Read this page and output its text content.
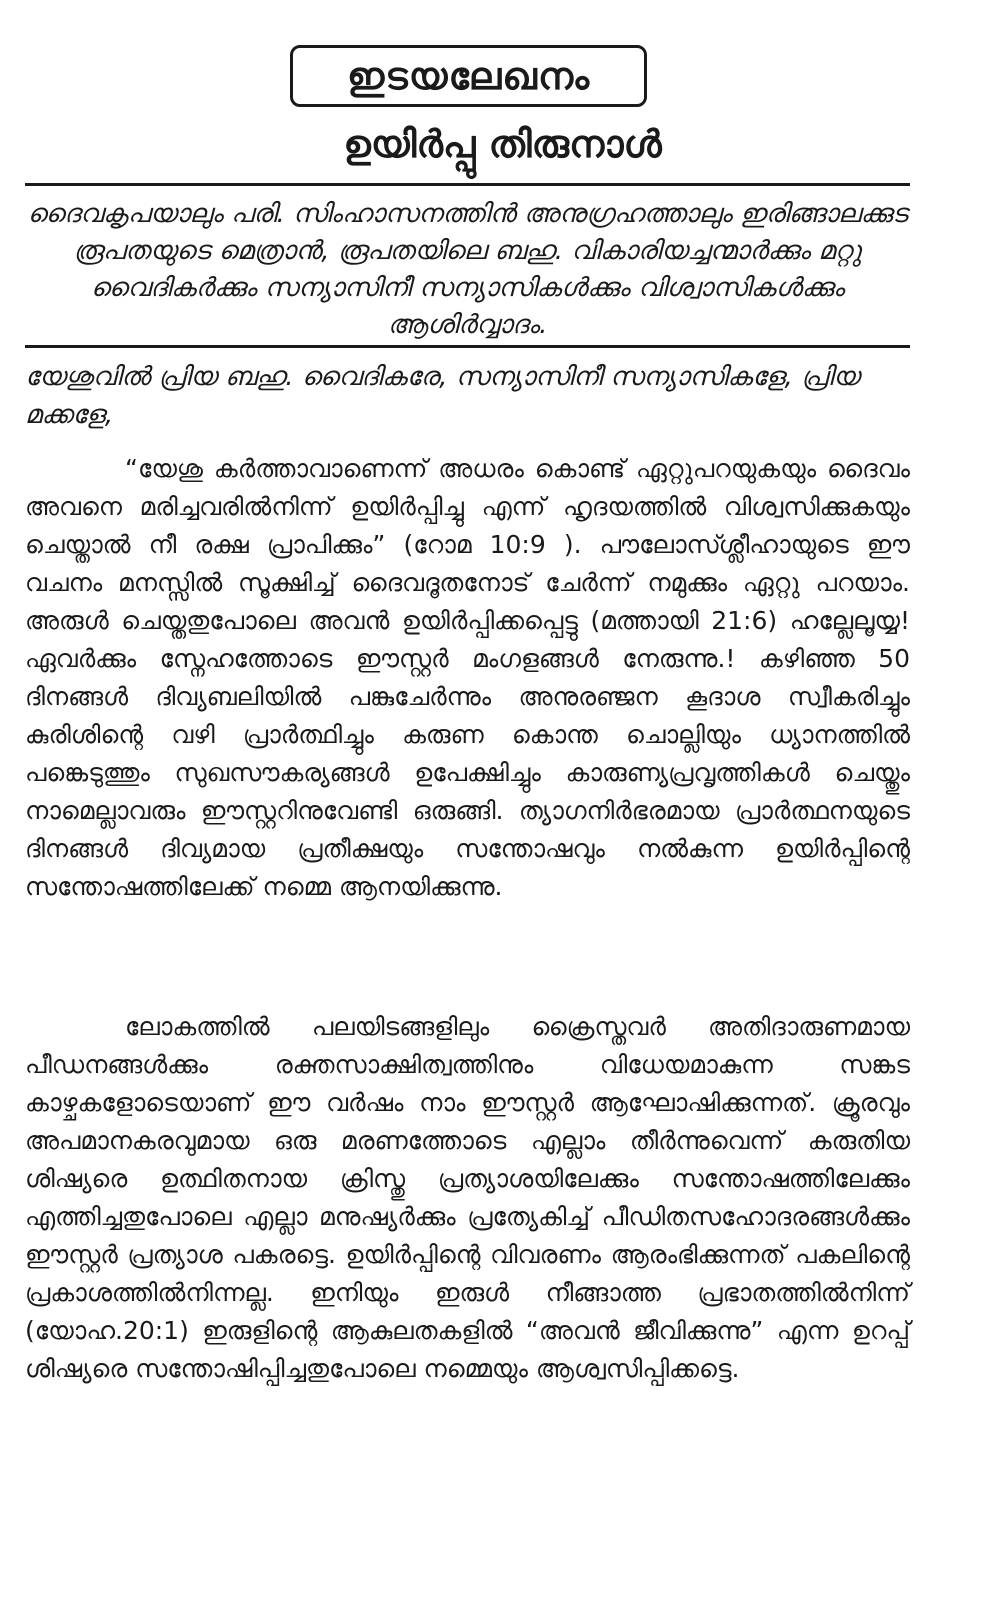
ഇടയലേഖനം
ഉയിർപ്പു തിരുനാൾ
ദൈവകൃപയാലും പരി. സിംഹാസനത്തിൻ അനുഗ്രഹത്താലും ഇരിങ്ങാലക്കുട രൂപതയുടെ മെത്രാൻ, രൂപതയിലെ ബഹു. വികാരിയച്ചന്മാർക്കും മറ്റു വൈദികർക്കും സന്യാസിനീ സന്യാസികൾക്കും വിശ്വാസികൾക്കും ആശിർവ്വാദം.
യേശുവിൽ പ്രിയ ബഹു. വൈദികരേ, സന്യാസിനീ സന്യാസികളേ, പ്രിയ മക്കളേ,
“യേശു കർത്താവാണെന്ന് അധരം കൊണ്ട് ഏറ്റുപറയുകയും ദൈവം അവനെ മരിച്ചവരിൽനിന്ന് ഉയിർപ്പിച്ചു എന്ന് ഹൃദയത്തിൽ വിശ്വസിക്കുകയും ചെയ്താൽ നീ രക്ഷ പ്രാപിക്കും” (റോമ 10:9 ). പൗലോസ്ശ്ലീഹായുടെ ഈ വചനം മനസ്സിൽ സൂക്ഷിച്ച് ദൈവദൂതനോട് ചേർന്ന് നമുക്കും ഏറ്റു പറയാം. അരുൾ ചെയ്തതുപോലെ അവൻ ഉയിർപ്പിക്കപ്പെട്ടു (മത്തായി 21:6) ഹല്ലേലൂയ്യ! ഏവർക്കും സ്നേഹത്തോടെ ഈസ്റ്റർ മംഗളങ്ങൾ നേരുന്നു.! കഴിഞ്ഞ 50 ദിനങ്ങൾ ദിവ്യബലിയിൽ പങ്കുചേർന്നും അനുരഞ്ജന കൂദാശ സ്വീകരിച്ചും കുരിശിന്റെ വഴി പ്രാർത്ഥിച്ചും കരുണ കൊന്ത ചൊല്ലിയും ധ്യാനത്തിൽ പങ്കെടുത്തും സുഖസൗകര്യങ്ങൾ ഉപേക്ഷിച്ചും കാരുണ്യപ്രവൃത്തികൾ ചെയ്തും നാമെല്ലാവരും ഈസ്റ്ററിനുവേണ്ടി ഒരുങ്ങി. ത്യാഗനിർഭരമായ പ്രാർത്ഥനയുടെ ദിനങ്ങൾ ദിവ്യമായ പ്രതീക്ഷയും സന്തോഷവും നൽകുന്ന ഉയിർപ്പിന്റെ സന്തോഷത്തിലേക്ക് നമ്മെ ആനയിക്കുന്നു.
ലോകത്തിൽ പലയിടങ്ങളിലും ക്രൈസ്തവർ അതിദാരുണമായ പീഡനങ്ങൾക്കും രക്തസാക്ഷിത്വത്തിനും വിധേയമാകുന്ന സങ്കട കാഴ്ചകളോടെയാണ് ഈ വർഷം നാം ഈസ്റ്റർ ആഘോഷിക്കുന്നത്. ക്രൂരവും അപമാനകരവുമായ ഒരു മരണത്തോടെ എല്ലാം തീർന്നുവെന്ന് കരുതിയ ശിഷ്യരെ ഉത്ഥിതനായ ക്രിസ്തു പ്രത്യാശയിലേക്കും സന്തോഷത്തിലേക്കും എത്തിച്ചതുപോലെ എല്ലാ മനുഷ്യർക്കും പ്രത്യേകിച്ച് പീഡിതസഹോദരങ്ങൾക്കും ഈസ്റ്റർ പ്രത്യാശ പകരട്ടെ. ഉയിർപ്പിന്റെ വിവരണം ആരംഭിക്കുന്നത് പകലിന്റെ പ്രകാശത്തിൽനിന്നല്ല. ഇനിയും ഇരുൾ നീങ്ങാത്ത പ്രഭാതത്തിൽനിന്ന് (യോഹ.20:1) ഇരുളിന്റെ ആകുലതകളിൽ “അവൻ ജീവിക്കുന്നു” എന്ന ഉറപ്പ് ശിഷ്യരെ സന്തോഷിപ്പിച്ചതുപോലെ നമ്മെയും ആശ്വസിപ്പിക്കട്ടെ.
